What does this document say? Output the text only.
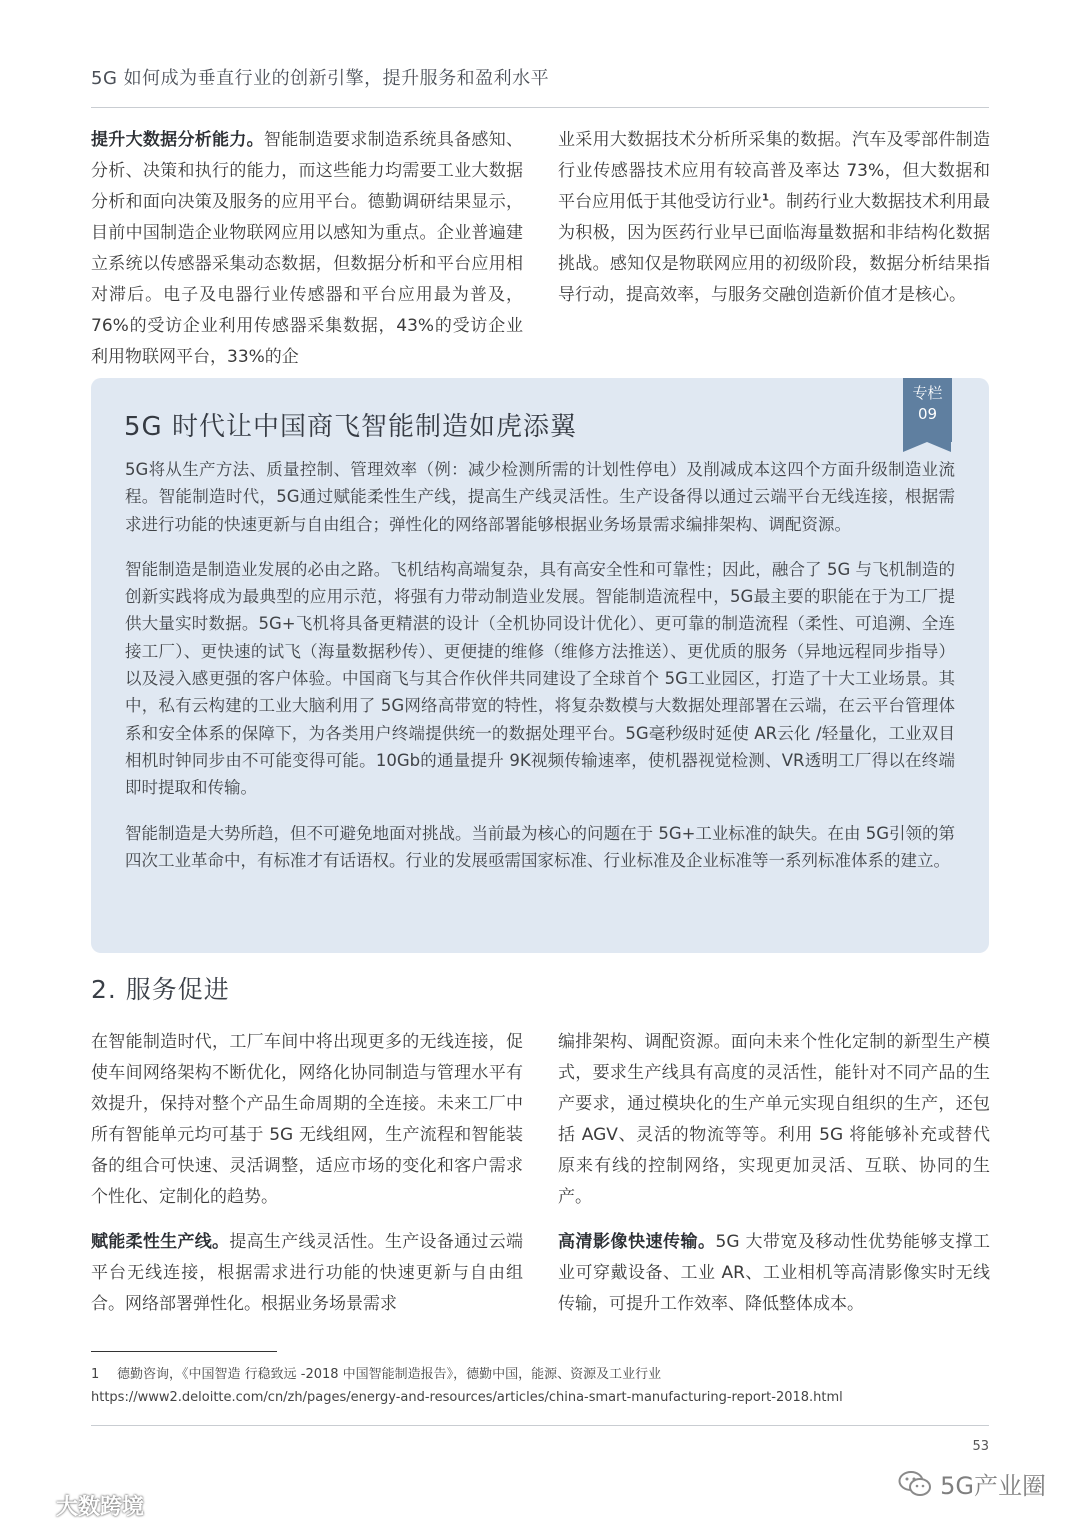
5G 如何成为垂直行业的创新引擎，提升服务和盈利水平

提升大数据分析能力。智能制造要求制造系统具备感知、分析、决策和执行的能力，而这些能力均需要工业大数据分析和面向决策及服务的应用平台。德勤调研结果显示，目前中国制造企业物联网应用以感知为重点。企业普遍建立系统以传感器采集动态数据，但数据分析和平台应用相对滞后。电子及电器行业传感器和平台应用最为普及，76%的受访企业利用传感器采集数据，43%的受访企业利用物联网平台，33%的企

业采用大数据技术分析所采集的数据。汽车及零部件制造行业传感器技术应用有较高普及率达 73%，但大数据和平台应用低于其他受访行业$^1$。制药行业大数据技术利用最为积极，因为医药行业早已面临海量数据和非结构化数据挑战。感知仅是物联网应用的初级阶段，数据分析结果指导行动，提高效率，与服务交融创造新价值才是核心。

专栏
09
5G 时代让中国商飞智能制造如虎添翼

5G将从生产方法、质量控制、管理效率（例：减少检测所需的计划性停电）及削减成本这四个方面升级制造业流程。智能制造时代，5G通过赋能柔性生产线，提高生产线灵活性。生产设备得以通过云端平台无线连接，根据需求进行功能的快速更新与自由组合；弹性化的网络部署能够根据业务场景需求编排架构、调配资源。

智能制造是制造业发展的必由之路。飞机结构高端复杂，具有高安全性和可靠性；因此，融合了 5G 与飞机制造的创新实践将成为最典型的应用示范，将强有力带动制造业发展。智能制造流程中，5G最主要的职能在于为工厂提供大量实时数据。5G+飞机将具备更精湛的设计（全机协同设计优化）、更可靠的制造流程（柔性、可追溯、全连接工厂）、更快速的试飞（海量数据秒传）、更便捷的维修（维修方法推送）、更优质的服务（异地远程同步指导）以及浸入感更强的客户体验。中国商飞与其合作伙伴共同建设了全球首个 5G工业园区，打造了十大工业场景。其中，私有云构建的工业大脑利用了 5G网络高带宽的特性，将复杂数模与大数据处理部署在云端，在云平台管理体系和安全体系的保障下，为各类用户终端提供统一的数据处理平台。5G毫秒级时延使 AR云化 /轻量化，工业双目相机时钟同步由不可能变得可能。10Gb的通量提升 9K视频传输速率，使机器视觉检测、VR透明工厂得以在终端即时提取和传输。

智能制造是大势所趋，但不可避免地面对挑战。当前最为核心的问题在于 5G+工业标准的缺失。在由 5G引领的第四次工业革命中，有标准才有话语权。行业的发展亟需国家标准、行业标准及企业标准等一系列标准体系的建立。

2. 服务促进

在智能制造时代，工厂车间中将出现更多的无线连接，促使车间网络架构不断优化，网络化协同制造与管理水平有效提升，保持对整个产品生命周期的全连接。未来工厂中所有智能单元均可基于 5G 无线组网，生产流程和智能装备的组合可快速、灵活调整，适应市场的变化和客户需求个性化、定制化的趋势。

赋能柔性生产线。提高生产线灵活性。生产设备通过云端平台无线连接，根据需求进行功能的快速更新与自由组合。网络部署弹性化。根据业务场景需求

编排架构、调配资源。面向未来个性化定制的新型生产模式，要求生产线具有高度的灵活性，能针对不同产品的生产要求，通过模块化的生产单元实现自组织的生产，还包括 AGV、灵活的物流等等。利用 5G 将能够补充或替代原来有线的控制网络，实现更加灵活、互联、协同的生产。

高清影像快速传输。5G 大带宽及移动性优势能够支撑工业可穿戴设备、工业 AR、工业相机等高清影像实时无线传输，可提升工作效率、降低整体成本。

1 德勤咨询，《中国智造 行稳致远 -2018 中国智能制造报告》，德勤中国，能源、资源及工业行业
https://www2.deloitte.com/cn/zh/pages/energy-and-resources/articles/china-smart-manufacturing-report-2018.html
53
5G产业圈
大数跨境
